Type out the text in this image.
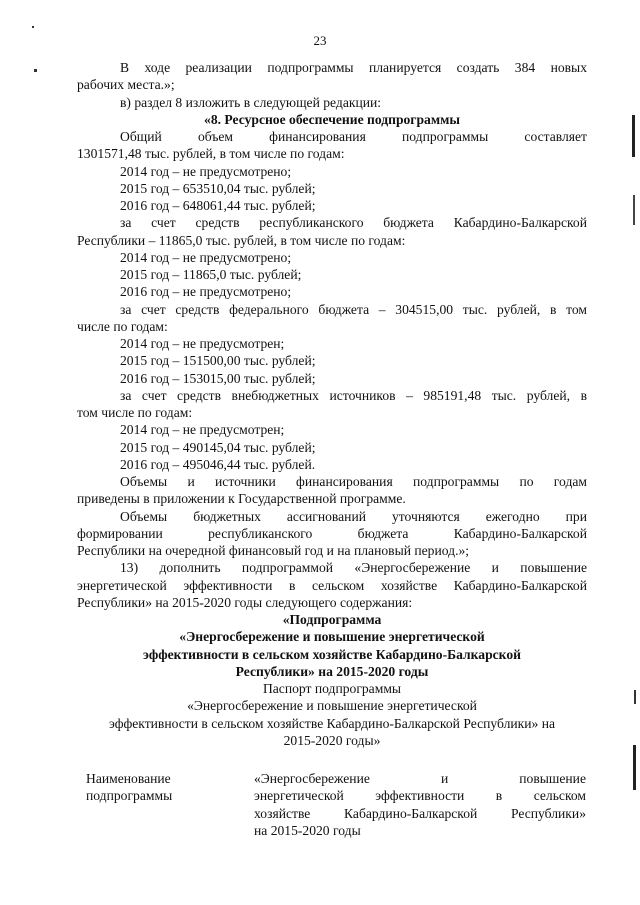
23

В ходе реализации подпрограммы планируется создать 384 новых

рабочих места.»;

в) раздел 8 изложить в следующей редакции:

«8. Ресурсное обеспечение подпрограммы

Общий объем финансирования подпрограммы составляет

1301571,48 тыс. рублей, в том числе по годам:

2014 год – не предусмотрено;

2015 год – 653510,04 тыс. рублей;

2016 год – 648061,44 тыс. рублей;

за счет средств республиканского бюджета Кабардино-Балкарской

Республики – 11865,0 тыс. рублей, в том числе по годам:

2014 год – не предусмотрено;

2015 год – 11865,0 тыс. рублей;

2016 год – не предусмотрено;

за счет средств федерального бюджета – 304515,00 тыс. рублей, в том

числе по годам:

2014 год – не предусмотрен;

2015 год – 151500,00 тыс. рублей;

2016 год – 153015,00 тыс. рублей;

за счет средств внебюджетных источников – 985191,48 тыс. рублей, в

том числе по годам:

2014 год – не предусмотрен;

2015 год – 490145,04 тыс. рублей;

2016 год – 495046,44 тыс. рублей.

Объемы и источники финансирования подпрограммы по годам

приведены в приложении к Государственной программе.

Объемы бюджетных ассигнований уточняются ежегодно при

формировании республиканского бюджета Кабардино-Балкарской

Республики на очередной финансовый год и на плановый период.»;

13) дополнить подпрограммой «Энергосбережение и повышение

энергетической эффективности в сельском хозяйстве Кабардино-Балкарской

Республики» на 2015-2020 годы следующего содержания:

«Подпрограмма

«Энергосбережение и повышение энергетической

эффективности в сельском хозяйстве Кабардино-Балкарской

Республики» на 2015-2020 годы

Паспорт подпрограммы

«Энергосбережение и повышение энергетической

эффективности в сельском хозяйстве Кабардино-Балкарской Республики» на

2015-2020 годы»

Наименование

подпрограммы

«Энергосбережение и повышение

энергетической эффективности в сельском

хозяйстве Кабардино-Балкарской Республики»

на 2015-2020 годы
